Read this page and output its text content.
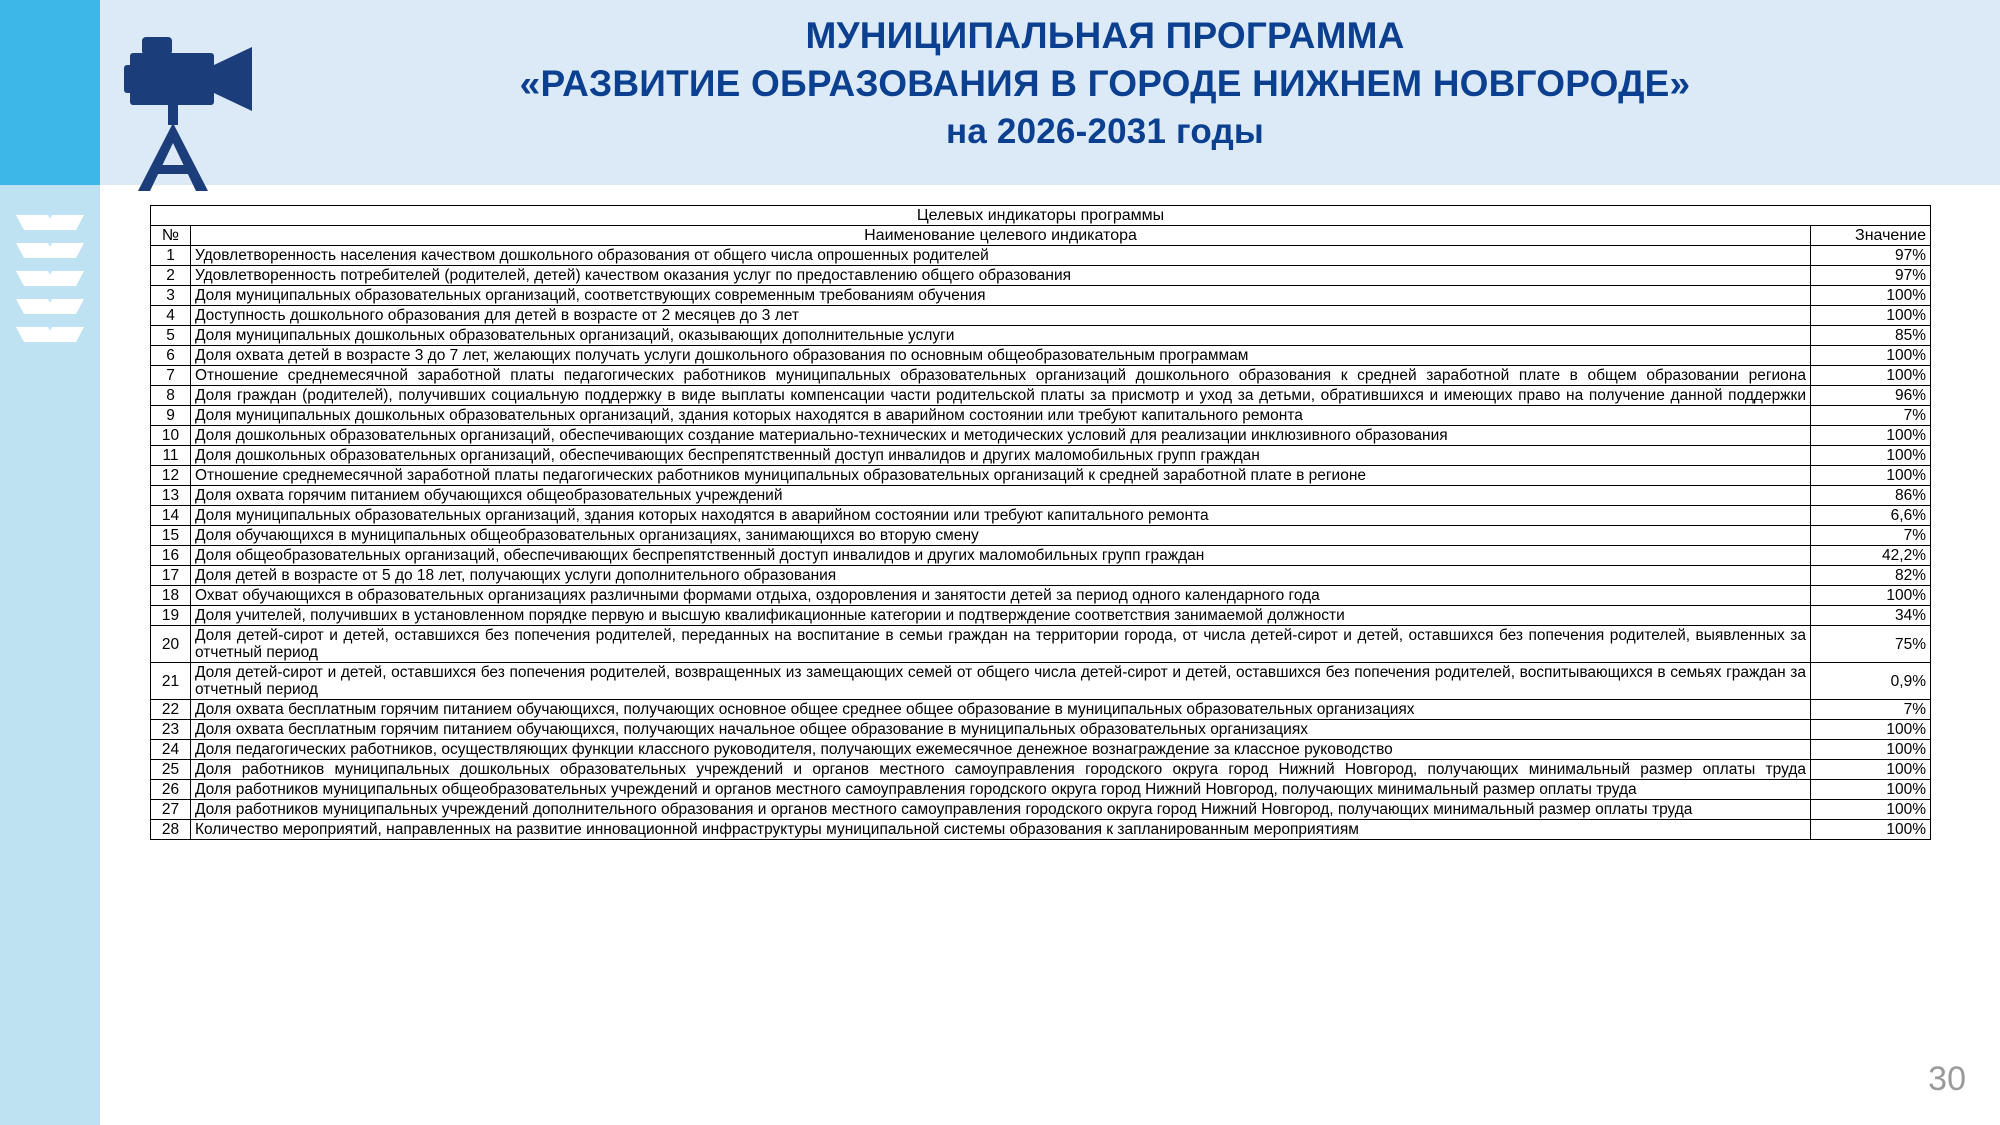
МУНИЦИПАЛЬНАЯ ПРОГРАММА
«РАЗВИТИЕ ОБРАЗОВАНИЯ В ГОРОДЕ НИЖНЕМ НОВГОРОДЕ»
на 2026-2031 годы
Целевых индикаторы программы		
№	Наименование целевого индикатора	Значение
1	Удовлетворенность населения качеством дошкольного образования от общего числа опрошенных родителей	97%
2	Удовлетворенность потребителей (родителей, детей) качеством оказания услуг по предоставлению общего образования	97%
3	Доля муниципальных образовательных организаций, соответствующих современным требованиям обучения	100%
4	Доступность дошкольного образования для детей в возрасте от 2 месяцев до 3 лет	100%
5	Доля муниципальных дошкольных образовательных организаций, оказывающих дополнительные услуги	85%
6	Доля охвата детей в возрасте 3 до 7 лет, желающих получать услуги дошкольного образования по основным общеобразовательным программам	100%
7	Отношение среднемесячной заработной платы педагогических работников муниципальных образовательных организаций дошкольного образования к средней заработной плате в общем образовании региона	100%
8	Доля граждан (родителей), получивших социальную поддержку в виде выплаты компенсации части родительской платы за присмотр и уход за детьми, обратившихся и имеющих право на получение данной поддержки	96%
9	Доля муниципальных дошкольных образовательных организаций, здания которых находятся в аварийном состоянии или требуют капитального ремонта	7%
10	Доля дошкольных образовательных организаций, обеспечивающих создание материально-технических и методических условий для реализации инклюзивного образования	100%
11	Доля дошкольных образовательных организаций, обеспечивающих беспрепятственный доступ инвалидов и других маломобильных групп граждан	100%
12	Отношение среднемесячной заработной платы педагогических работников муниципальных образовательных организаций к средней заработной плате в регионе	100%
13	Доля охвата горячим питанием обучающихся общеобразовательных учреждений	86%
14	Доля муниципальных образовательных организаций, здания которых находятся в аварийном состоянии или требуют капитального ремонта	6,6%
15	Доля обучающихся в муниципальных общеобразовательных организациях, занимающихся во вторую смену	7%
16	Доля общеобразовательных организаций, обеспечивающих беспрепятственный доступ инвалидов и других маломобильных групп граждан	42,2%
17	Доля детей в возрасте от 5 до 18 лет, получающих услуги дополнительного образования	82%
18	Охват обучающихся в образовательных организациях различными формами отдыха, оздоровления и занятости детей за период одного календарного года	100%
19	Доля учителей, получивших в установленном порядке первую и высшую квалификационные категории и подтверждение соответствия занимаемой должности	34%
20	Доля детей-сирот и детей, оставшихся без попечения родителей, переданных на воспитание в семьи граждан на территории города, от числа детей-сирот и детей, оставшихся без попечения родителей, выявленных за отчетный период	75%
21	Доля детей-сирот и детей, оставшихся без попечения родителей, возвращенных из замещающих семей от общего числа детей-сирот и детей, оставшихся без попечения родителей, воспитывающихся в семьях граждан за отчетный период	0,9%
22	Доля охвата бесплатным горячим питанием обучающихся, получающих основное общее среднее общее образование в муниципальных образовательных организациях	7%
23	Доля охвата бесплатным горячим питанием обучающихся, получающих начальное общее образование в муниципальных образовательных организациях	100%
24	Доля педагогических работников, осуществляющих функции классного руководителя, получающих ежемесячное денежное вознаграждение за классное руководство	100%
25	Доля работников муниципальных дошкольных образовательных учреждений и органов местного самоуправления городского округа город Нижний Новгород, получающих минимальный размер оплаты труда	100%
26	Доля работников муниципальных общеобразовательных учреждений и органов местного самоуправления городского округа город Нижний Новгород, получающих минимальный размер оплаты труда	100%
27	Доля работников муниципальных учреждений дополнительного образования и органов местного самоуправления городского округа город Нижний Новгород, получающих минимальный размер оплаты труда	100%
28	Количество мероприятий, направленных на развитие инновационной инфраструктуры муниципальной системы образования к запланированным мероприятиям	100%
30
